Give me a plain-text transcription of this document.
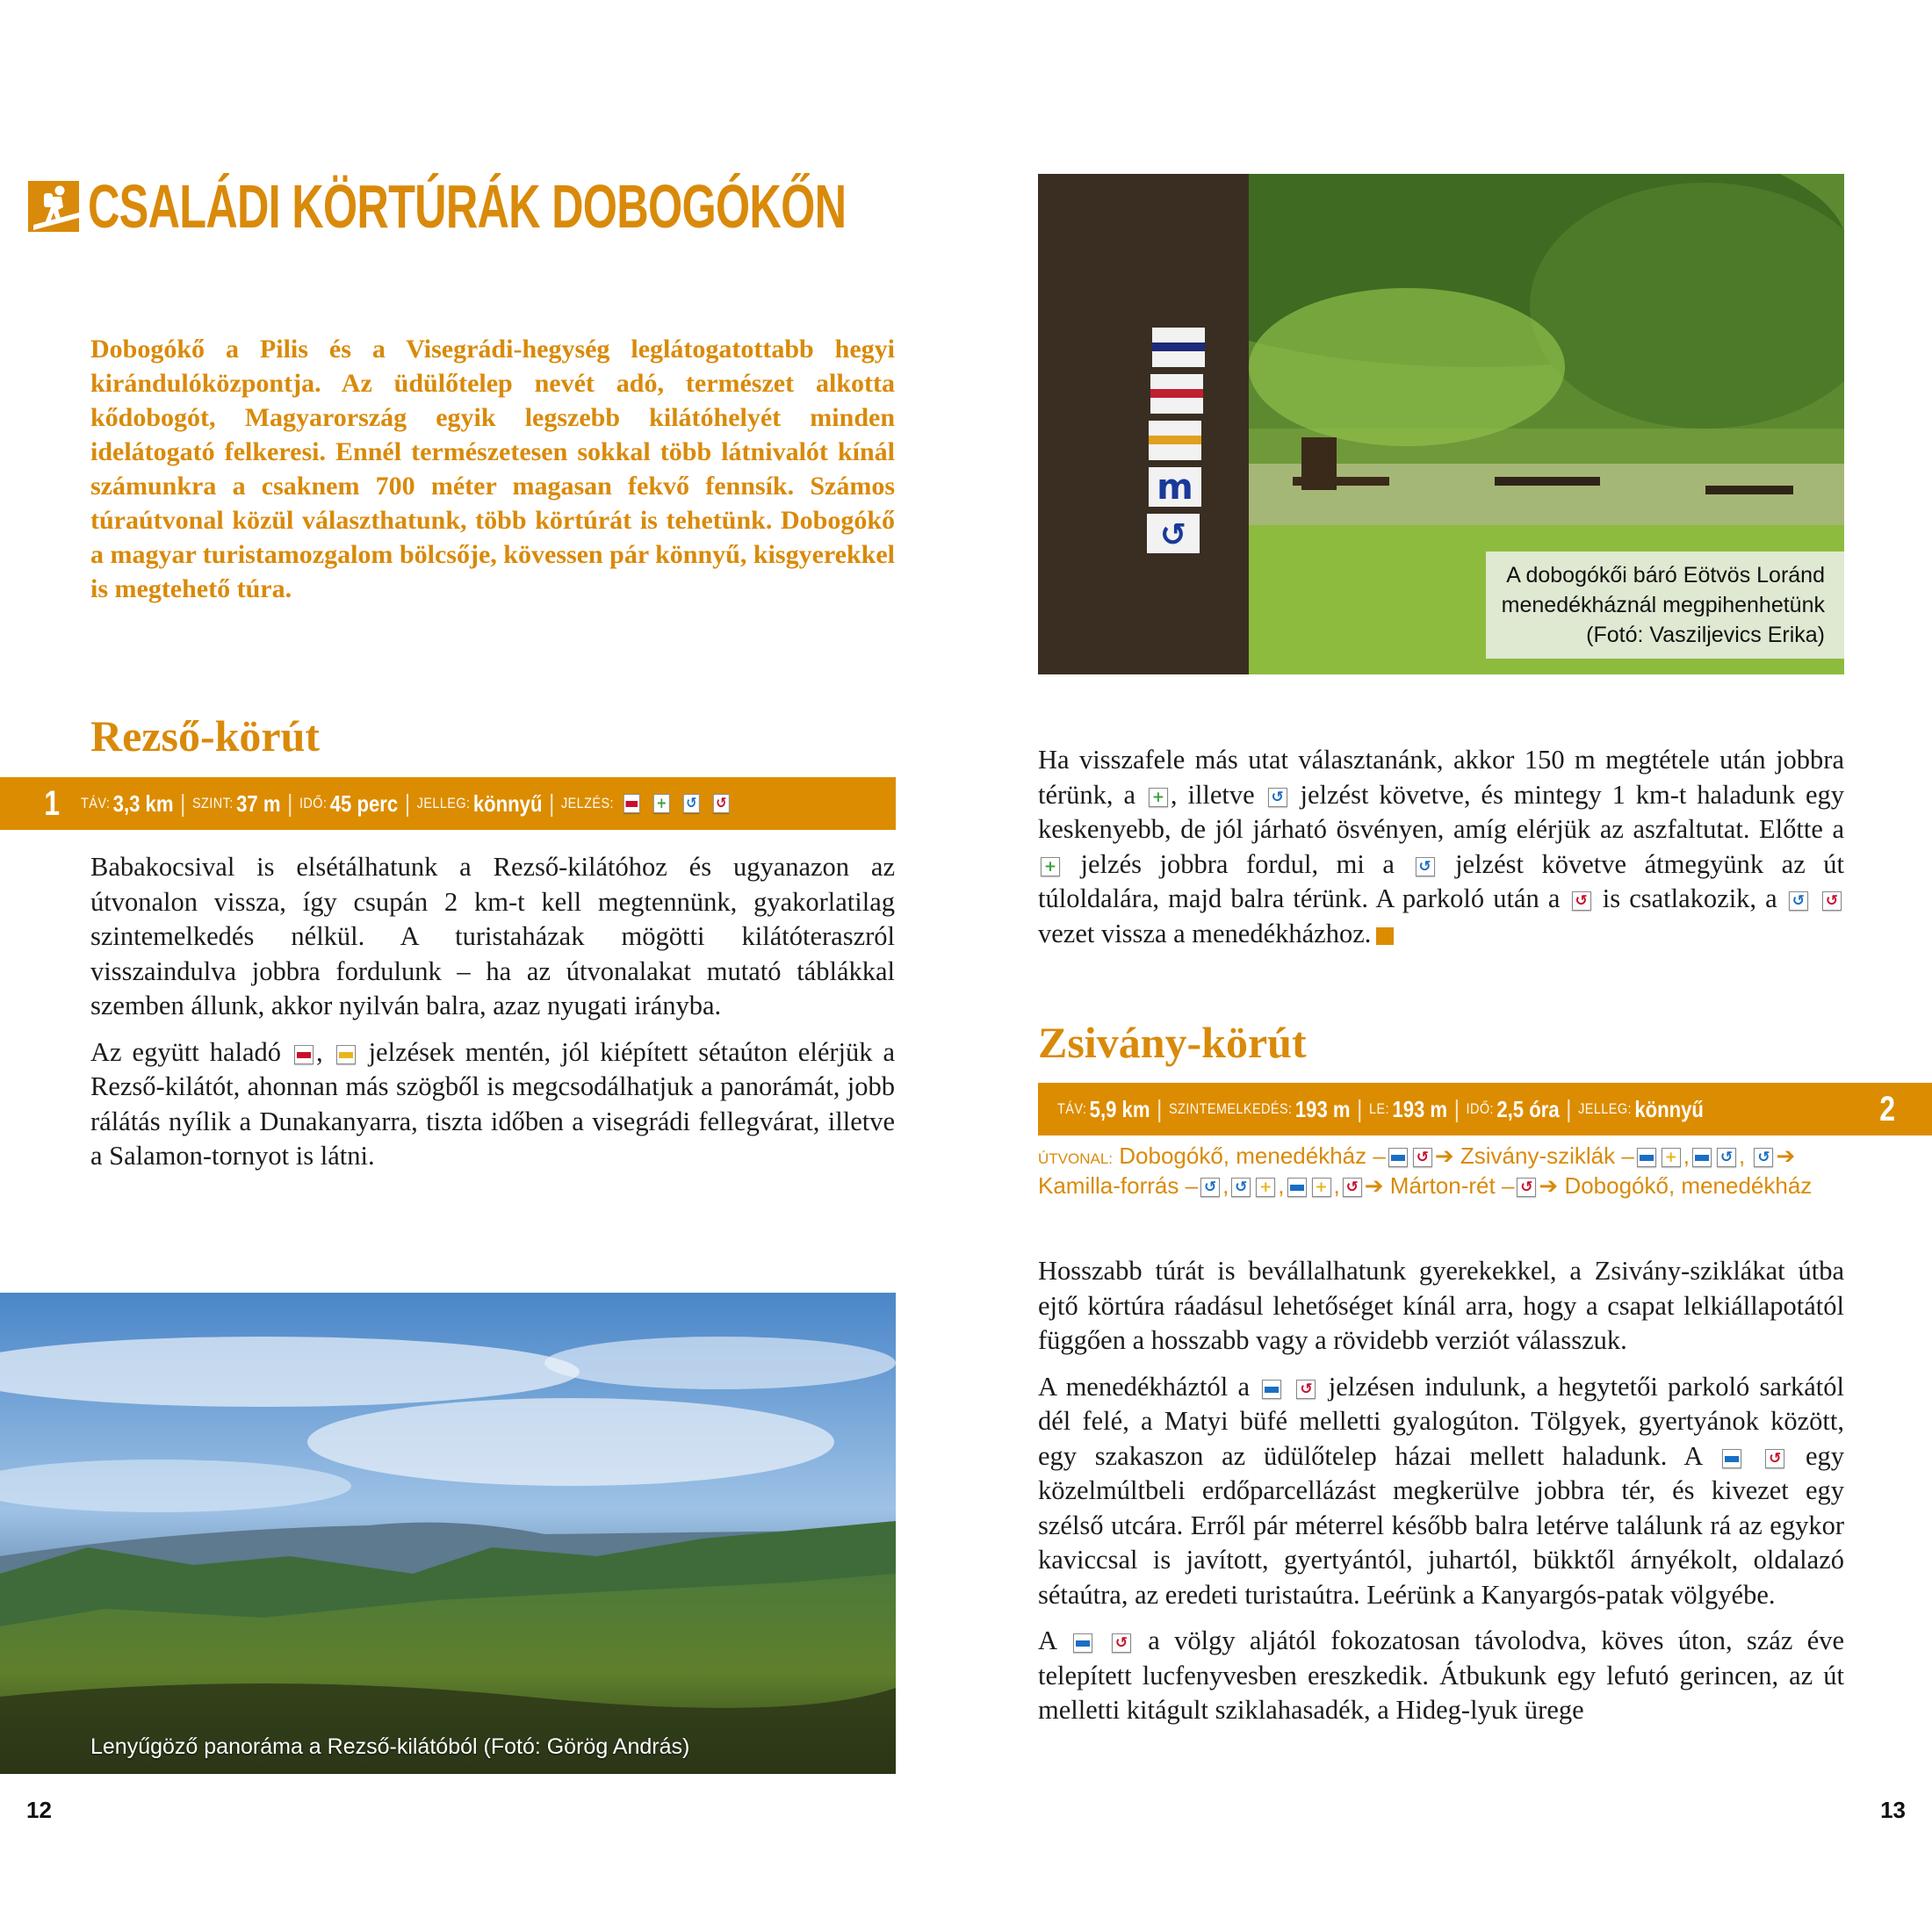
CSALÁDI KÖRTÚRÁK DOBOGÓKŐN
Dobogókő a Pilis és a Visegrádi-hegység leglátogatottabb hegyi kirándulóközpontja. Az üdülőtelep nevét adó, természet alkotta kődobogót, Magyarország egyik legszebb kilátóhelyét minden idelátogató felkeresi. Ennél természetesen sokkal több látnivalót kínál számunkra a csaknem 700 méter magasan fekvő fennsík. Számos túraútvonal közül választhatunk, több körtúrát is tehetünk. Dobogókő a magyar turistamozgalom bölcsője, kövessen pár könnyű, kisgyerekkel is megtehető túra.
Rezső-körút
1 TÁV: 3,3 km | SZINT: 37 m | IDŐ: 45 perc | JELLEG: könnyű | JELZÉS:	+ ↺ ↺

Babakocsival is elsétálhatunk a Rezső-kilátóhoz és ugyanazon az útvonalon vissza, így csupán 2 km-t kell megtennünk, gyakorlatilag szintemelkedés nélkül. A turistaházak mögötti kilátóteraszról visszaindulva jobbra fordulunk – ha az útvonalakat mutató táblákkal szemben állunk, akkor nyilván balra, azaz nyugati irányba.

Az együtt haladó , jelzések mentén, jól kiépített sétaúton elérjük a Rezső-kilátót, ahonnan más szögből is megcsodálhatjuk a panorámát, jobb rálátás nyílik a Dunakanyarra, tiszta időben a visegrádi fellegvárat, illetve a Salamon-tornyot is látni.

Lenyűgöző panoráma a Rezső-kilátóból (Fotó: Görög András)
12
m
↺
A dobogókői báró Eötvös Loránd
menedékháznál megpihenhetünk
(Fotó: Vaszilјevics Erika)

Ha visszafele más utat választanánk, akkor 150 m megtétele után jobbra térünk, a + , illetve ↺ jelzést követve, és mintegy 1 km-t haladunk egy keskenyebb, de jól járható ösvényen, amíg elérjük az aszfaltutat. Előtte a
+ jelzés jobbra fordul, mi a ↺ jelzést követve átmegyünk az út túloldalára, majd balra térünk. A parkoló után a ↺ is csatlakozik, a ↺
↺
vezet vissza a menedékházhoz.

Zsivány-körút
TÁV: 5,9 km | SZINTEMELKEDÉS: 193 m | LE: 193 m | IDŐ: 2,5 óra | JELLEG: könnyű	2
ÚTVONAL: Dobogókő, menedékház – ↺ ➔ Zsivány-sziklák – + , ↺ , ↺ ➔ Kamilla-forrás – ↺ , ↺ + , + , ↺ ➔ Márton-rét – ↺ ➔ Dobogókő, menedékház

Hosszabb túrát is bevállalhatunk gyerekekkel, a Zsivány-sziklákat útba ejtő körtúra ráadásul lehetőséget kínál arra, hogy a csapat lelkiállapotától függően a hosszabb vagy a rövidebb verziót válasszuk.

A menedékháztól a
	↺ jelzésen indulunk, a hegytetői parkoló sarkától dél felé, a Matyi büfé melletti gyalogúton. Tölgyek, gyertyánok között, egy szakaszon az üdülőtelep házai mellett haladunk. A
	↺ egy közelmúltbeli erdőparcellázást megkerülve jobbra tér, és kivezet egy szélső utcára. Erről pár méterrel később balra letérve találunk rá az egykor kaviccsal is javított, gyertyántól, juhartól, bükktől árnyékolt, oldalazó sétaútra, az eredeti turistaútra. Leérünk a Kanyargós-patak völgyébe.

A
	↺ a völgy aljától fokozatosan távolodva, köves úton, száz éve telepített lucfenyvesben ereszkedik. Átbukunk egy lefutó gerincen, az út melletti kitágult sziklahasadék, a Hideg-lyuk üregе

13
